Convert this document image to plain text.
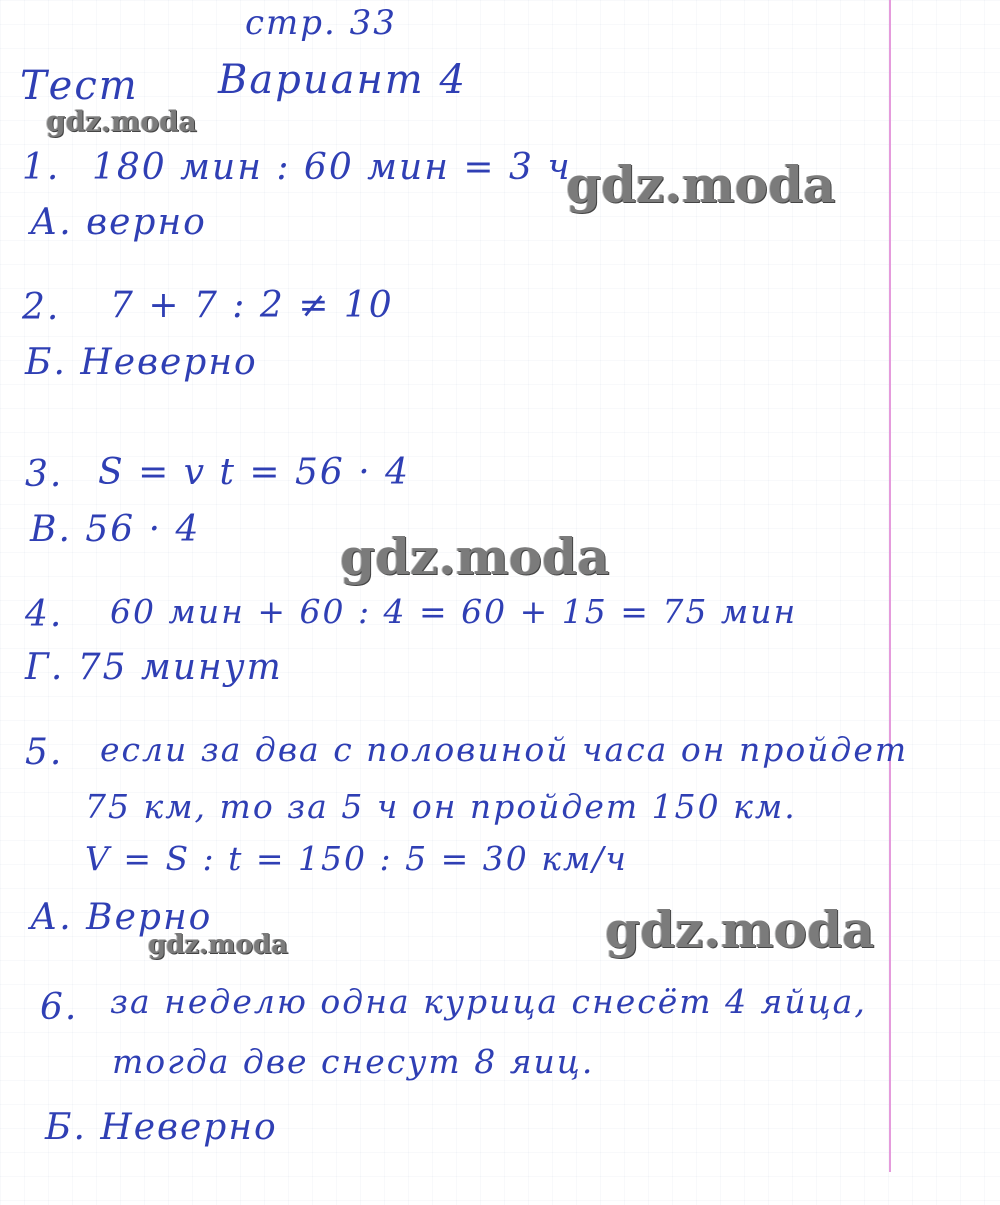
стр. 33
Тест Вариант 4
1. 180 мин : 60 мин = 3 ч
А. верно
2. 7 + 7 : 2 ≠ 10
Б. Неверно
3. S = v t = 56 · 4
В. 56 · 4
4. 60 мин + 60 : 4 = 60 + 15 = 75 мин
Г. 75 минут
5. если за два с половиной часа он пройдет
75 км, то за 5 ч он пройдет 150 км.
V = S : t = 150 : 5 = 30 км/ч
А. Верно
6. за неделю одна курица снесёт 4 яйца,
тогда две снесут 8 яиц.
Б. Неверно
gdz.moda
gdz.moda
gdz.moda
gdz.moda
gdz.moda
